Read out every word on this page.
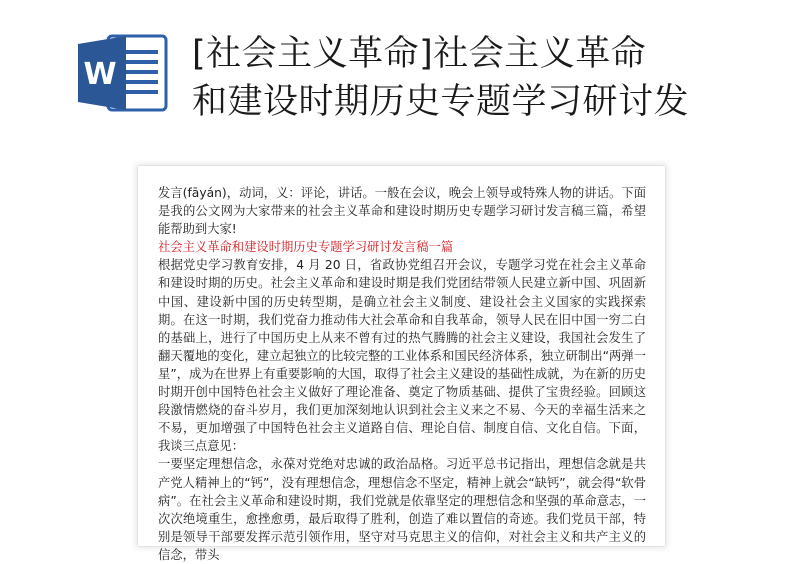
W
[社会主义革命]社会主义革命
和建设时期历史专题学习研讨发

发言(fāyán)，动词，义：评论，讲话。一般在会议，晚会上领导或特殊人物的讲话。下面是我的公文网为大家带来的社会主义革命和建设时期历史专题学习研讨发言稿三篇，希望能帮助到大家!

社会主义革命和建设时期历史专题学习研讨发言稿一篇

根据党史学习教育安排，4 月 20 日，省政协党组召开会议，专题学习党在社会主义革命和建设时期的历史。社会主义革命和建设时期是我们党团结带领人民建立新中国、巩固新中国、建设新中国的历史转型期，是确立社会主义制度、建设社会主义国家的实践探索期。在这一时期，我们党奋力推动伟大社会革命和自我革命，领导人民在旧中国一穷二白的基础上，进行了中国历史上从来不曾有过的热气腾腾的社会主义建设，我国社会发生了翻天覆地的变化，建立起独立的比较完整的工业体系和国民经济体系，独立研制出“两弹一星”，成为在世界上有重要影响的大国，取得了社会主义建设的基础性成就，为在新的历史时期开创中国特色社会主义做好了理论准备、奠定了物质基础、提供了宝贵经验。回顾这段激情燃烧的奋斗岁月，我们更加深刻地认识到社会主义来之不易、今天的幸福生活来之不易，更加增强了中国特色社会主义道路自信、理论自信、制度自信、文化自信。下面，我谈三点意见：

一要坚定理想信念，永葆对党绝对忠诚的政治品格。习近平总书记指出，理想信念就是共产党人精神上的“钙”，没有理想信念，理想信念不坚定，精神上就会“缺钙”，就会得“软骨病”。在社会主义革命和建设时期，我们党就是依靠坚定的理想信念和坚强的革命意志，一次次绝境重生，愈挫愈勇，最后取得了胜利，创造了难以置信的奇迹。我们党员干部，特别是领导干部要发挥示范引领作用，坚守对马克思主义的信仰，对社会主义和共产主义的信念，带头
